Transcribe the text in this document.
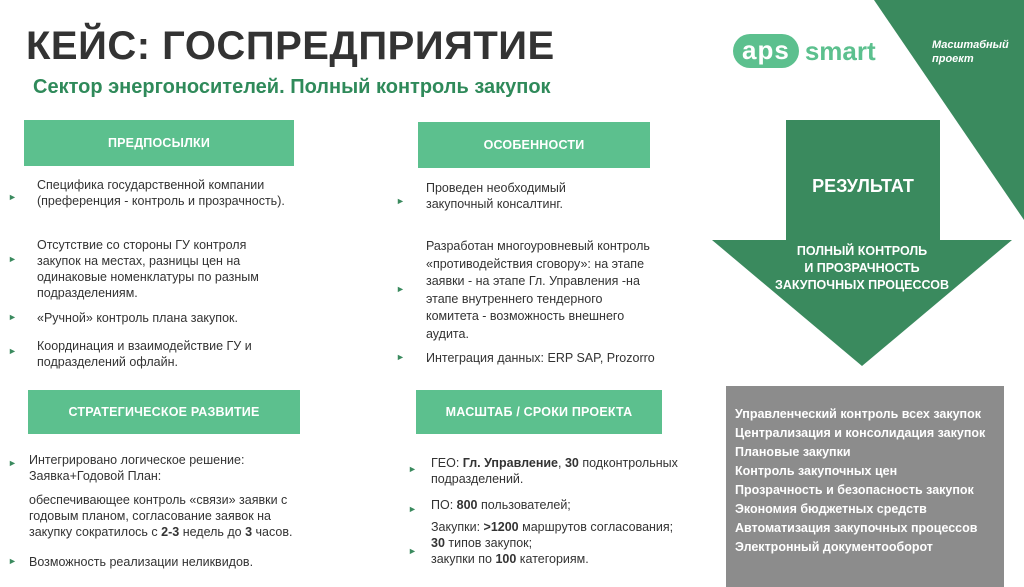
Масштабный проект
КЕЙС: ГОСПРЕДПРИЯТИЕ
Сектор энергоносителей. Полный контроль закупок
aps smart
ПРЕДПОСЫЛКИ
►
Специфика государственной компании (преференция - контроль и прозрачность).
►
Отсутствие со стороны ГУ контроля закупок на местах, разницы цен на одинаковые номенклатуры по разным подразделениям.
► «Ручной» контроль плана закупок.
► Координация и взаимодействие ГУ и подразделений офлайн.
ОСОБЕННОСТИ
►
Проведен необходимый закупочный консалтинг.
►
Разработан многоуровневый контроль «противодействия сговору»: на этапе заявки - на этапе Гл. Управления -на этапе внутреннего тендерного комитета - возможность внешнего аудита.
► Интеграция данных: ERP SAP, Prozorro
СТРАТЕГИЧЕСКОЕ РАЗВИТИЕ
► Интегрировано логическое решение: Заявка+Годовой План:
обеспечивающее контроль «связи» заявки с годовым планом, согласование заявок на закупку сократилось с 2-3 недель до 3 часов.
► Возможность реализации неликвидов.
МАСШТАБ / СРОКИ ПРОЕКТА
► ГЕО: Гл. Управление, 30 подконтрольных подразделений.
► ПО: 800 пользователей;
►
Закупки: >1200 маршрутов согласования;
30 типов закупок;
закупки по 100 категориям.
РЕЗУЛЬТАТ
ПОЛНЫЙ КОНТРОЛЬ
И ПРОЗРАЧНОСТЬ
ЗАКУПОЧНЫХ ПРОЦЕССОВ
Управленческий контроль всех закупок
Централизация и консолидация закупок
Плановые закупки
Контроль закупочных цен
Прозрачность и безопасность закупок
Экономия бюджетных средств
Автоматизация закупочных процессов
Электронный документооборот
